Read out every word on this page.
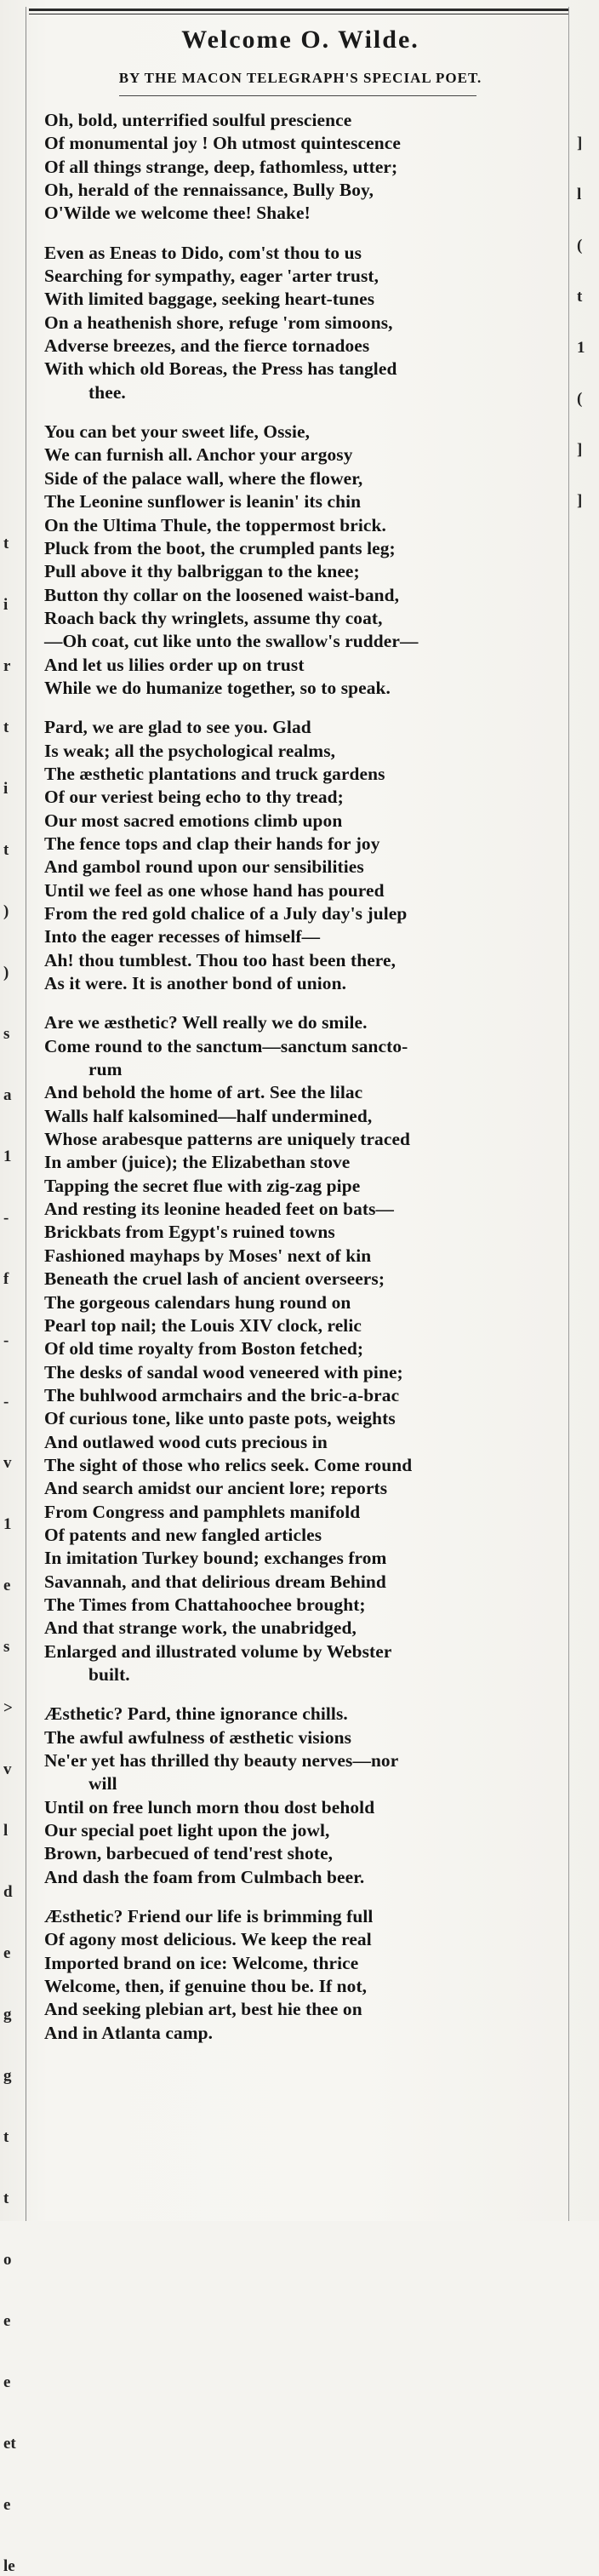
Welcome O. Wilde.
BY THE MACON TELEGRAPH'S SPECIAL POET.
t
i
r
t
i
t
)
)
s
a
1
-
f
-
-
v
1
e
s
>
v
l
d
e
g
g
t
t
o
e
e
et
e
le
]
l
(
t
1
(
]
]
Oh, bold, unterrified soulful prescience
Of monumental joy ! Oh utmost quintescence
Of all things strange, deep, fathomless, utter;
Oh, herald of the rennaissance, Bully Boy,
O'Wilde we welcome thee! Shake!
Even as Eneas to Dido, com'st thou to us
Searching for sympathy, eager 'arter trust,
With limited baggage, seeking heart-tunes
On a heathenish shore, refuge 'rom simoons,
Adverse breezes, and the fierce tornadoes
With which old Boreas, the Press has tangled
thee.
You can bet your sweet life, Ossie,
We can furnish all. Anchor your argosy
Side of the palace wall, where the flower,
The Leonine sunflower is leanin' its chin
On the Ultima Thule, the toppermost brick.
Pluck from the boot, the crumpled pants leg;
Pull above it thy balbriggan to the knee;
Button thy collar on the loosened waist-band,
Roach back thy wringlets, assume thy coat,
—Oh coat, cut like unto the swallow's rudder—
And let us lilies order up on trust
While we do humanize together, so to speak.
Pard, we are glad to see you. Glad
Is weak; all the psychological realms,
The æsthetic plantations and truck gardens
Of our veriest being echo to thy tread;
Our most sacred emotions climb upon
The fence tops and clap their hands for joy
And gambol round upon our sensibilities
Until we feel as one whose hand has poured
From the red gold chalice of a July day's julep
Into the eager recesses of himself—
Ah! thou tumblest. Thou too hast been there,
As it were. It is another bond of union.
Are we æsthetic? Well really we do smile.
Come round to the sanctum—sanctum sancto-
rum
And behold the home of art. See the lilac
Walls half kalsomined—half undermined,
Whose arabesque patterns are uniquely traced
In amber (juice); the Elizabethan stove
Tapping the secret flue with zig-zag pipe
And resting its leonine headed feet on bats—
Brickbats from Egypt's ruined towns
Fashioned mayhaps by Moses' next of kin
Beneath the cruel lash of ancient overseers;
The gorgeous calendars hung round on
Pearl top nail; the Louis XIV clock, relic
Of old time royalty from Boston fetched;
The desks of sandal wood veneered with pine;
The buhlwood armchairs and the bric-a-brac
Of curious tone, like unto paste pots, weights
And outlawed wood cuts precious in
The sight of those who relics seek. Come round
And search amidst our ancient lore; reports
From Congress and pamphlets manifold
Of patents and new fangled articles
In imitation Turkey bound; exchanges from
Savannah, and that delirious dream Behind
The Times from Chattahoochee brought;
And that strange work, the unabridged,
Enlarged and illustrated volume by Webster
built.
Æsthetic? Pard, thine ignorance chills.
The awful awfulness of æsthetic visions
Ne'er yet has thrilled thy beauty nerves—nor
will
Until on free lunch morn thou dost behold
Our special poet light upon the jowl,
Brown, barbecued of tend'rest shote,
And dash the foam from Culmbach beer.
Æsthetic? Friend our life is brimming full
Of agony most delicious. We keep the real
Imported brand on ice: Welcome, thrice
Welcome, then, if genuine thou be. If not,
And seeking plebian art, best hie thee on
And in Atlanta camp.
